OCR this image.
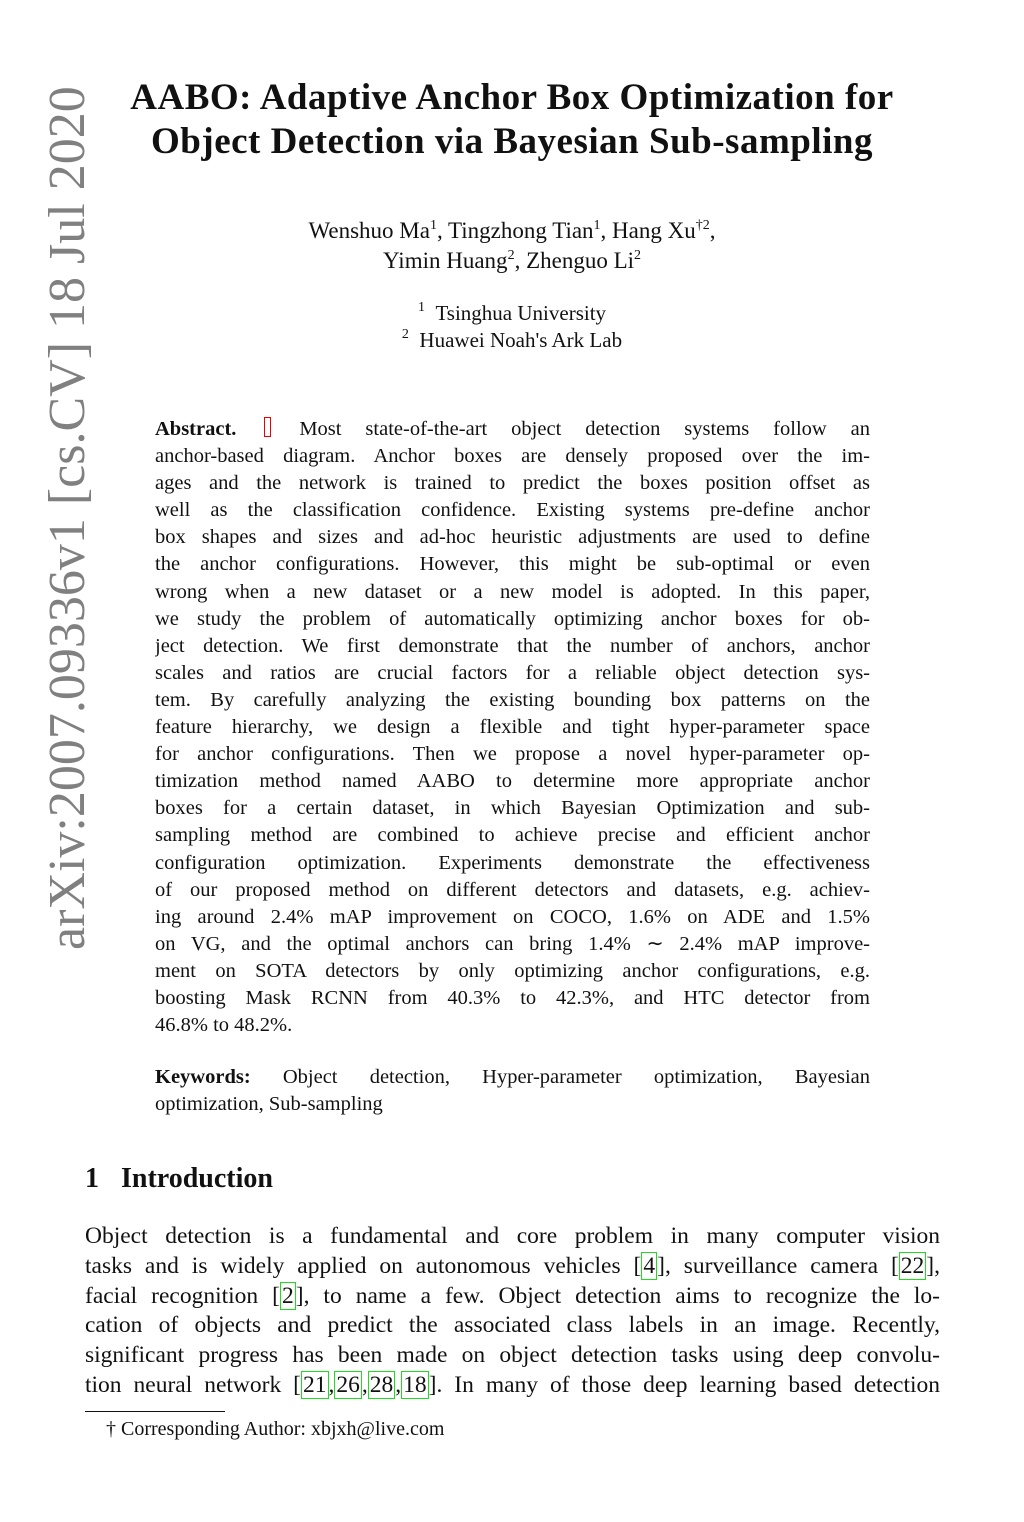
arXiv:2007.09336v1 [cs.CV] 18 Jul 2020 AABO: Adaptive Anchor Box Optimization for
Object Detection via Bayesian Sub-sampling
Wenshuo Ma$^1$, Tingzhong Tian$^1$, Hang Xu$^{\dagger 2}$,
Yimin Huang$^2$, Zhenguo Li$^2$
$^1$ Tsinghua University
$^2$ Huawei Noah's Ark Lab
Abstract.	Most state-of-the-art object detection systems follow an
anchor-based diagram. Anchor boxes are densely proposed over the im-
ages and the network is trained to predict the boxes position offset as
well as the classification confidence. Existing systems pre-define anchor
box shapes and sizes and ad-hoc heuristic adjustments are used to define
the anchor configurations. However, this might be sub-optimal or even
wrong when a new dataset or a new model is adopted. In this paper,
we study the problem of automatically optimizing anchor boxes for ob-
ject detection. We first demonstrate that the number of anchors, anchor
scales and ratios are crucial factors for a reliable object detection sys-
tem. By carefully analyzing the existing bounding box patterns on the
feature hierarchy, we design a flexible and tight hyper-parameter space
for anchor configurations. Then we propose a novel hyper-parameter op-
timization method named AABO to determine more appropriate anchor
boxes for a certain dataset, in which Bayesian Optimization and sub-
sampling method are combined to achieve precise and efficient anchor
configuration optimization. Experiments demonstrate the effectiveness
of our proposed method on different detectors and datasets, e.g. achiev-
ing around 2.4% mAP improvement on COCO, 1.6% on ADE and 1.5%
on VG, and the optimal anchors can bring 1.4% ∼ 2.4% mAP improve-
ment on SOTA detectors by only optimizing anchor configurations, e.g.
boosting Mask RCNN from 40.3% to 42.3%, and HTC detector from
46.8% to 48.2%.
Keywords: Object detection, Hyper-parameter optimization, Bayesian
optimization, Sub-sampling
1 Introduction
Object detection is a fundamental and core problem in many computer vision
tasks and is widely applied on autonomous vehicles [4], surveillance camera [22],
facial recognition [2], to name a few. Object detection aims to recognize the lo-
cation of objects and predict the associated class labels in an image. Recently,
significant progress has been made on object detection tasks using deep convolu-
tion neural network [21,26,28,18]. In many of those deep learning based detection
† Corresponding Author: xbjxh@live.com
